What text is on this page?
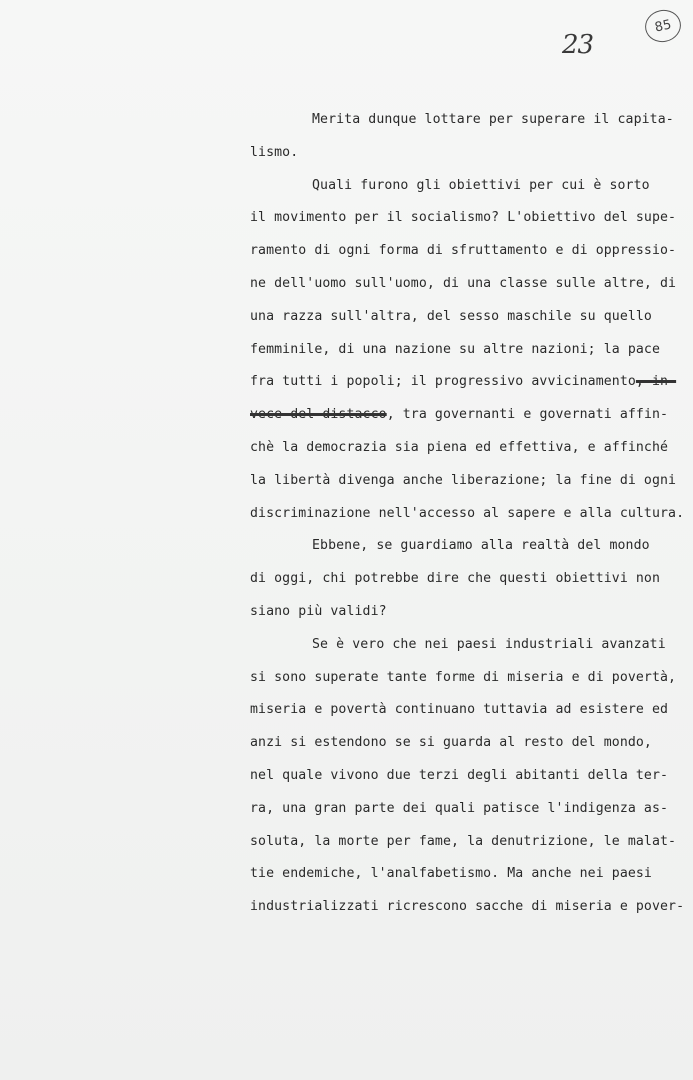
85
23
Merita dunque lottare per superare il capita-
lismo.
Quali furono gli obiettivi per cui è sorto
il movimento per il socialismo? L'obiettivo del supe-
ramento di ogni forma di sfruttamento e di oppressio-
ne dell'uomo sull'uomo, di una classe sulle altre, di
una razza sull'altra, del sesso maschile su quello
femminile, di una nazione su altre nazioni; la pace
fra tutti i popoli; il progressivo avvicinamento, in-
vece del distacco, tra governanti e governati affin-
chè la democrazia sia piena ed effettiva, e affinché
la libertà divenga anche liberazione; la fine di ogni
discriminazione nell'accesso al sapere e alla cultura.
Ebbene, se guardiamo alla realtà del mondo
di oggi, chi potrebbe dire che questi obiettivi non
siano più validi?
Se è vero che nei paesi industriali avanzati
si sono superate tante forme di miseria e di povertà,
miseria e povertà continuano tuttavia ad esistere ed
anzi si estendono se si guarda al resto del mondo,
nel quale vivono due terzi degli abitanti della ter-
ra, una gran parte dei quali patisce l'indigenza as-
soluta, la morte per fame, la denutrizione, le malat-
tie endemiche, l'analfabetismo. Ma anche nei paesi
industrializzati ricrescono sacche di miseria e pover-
